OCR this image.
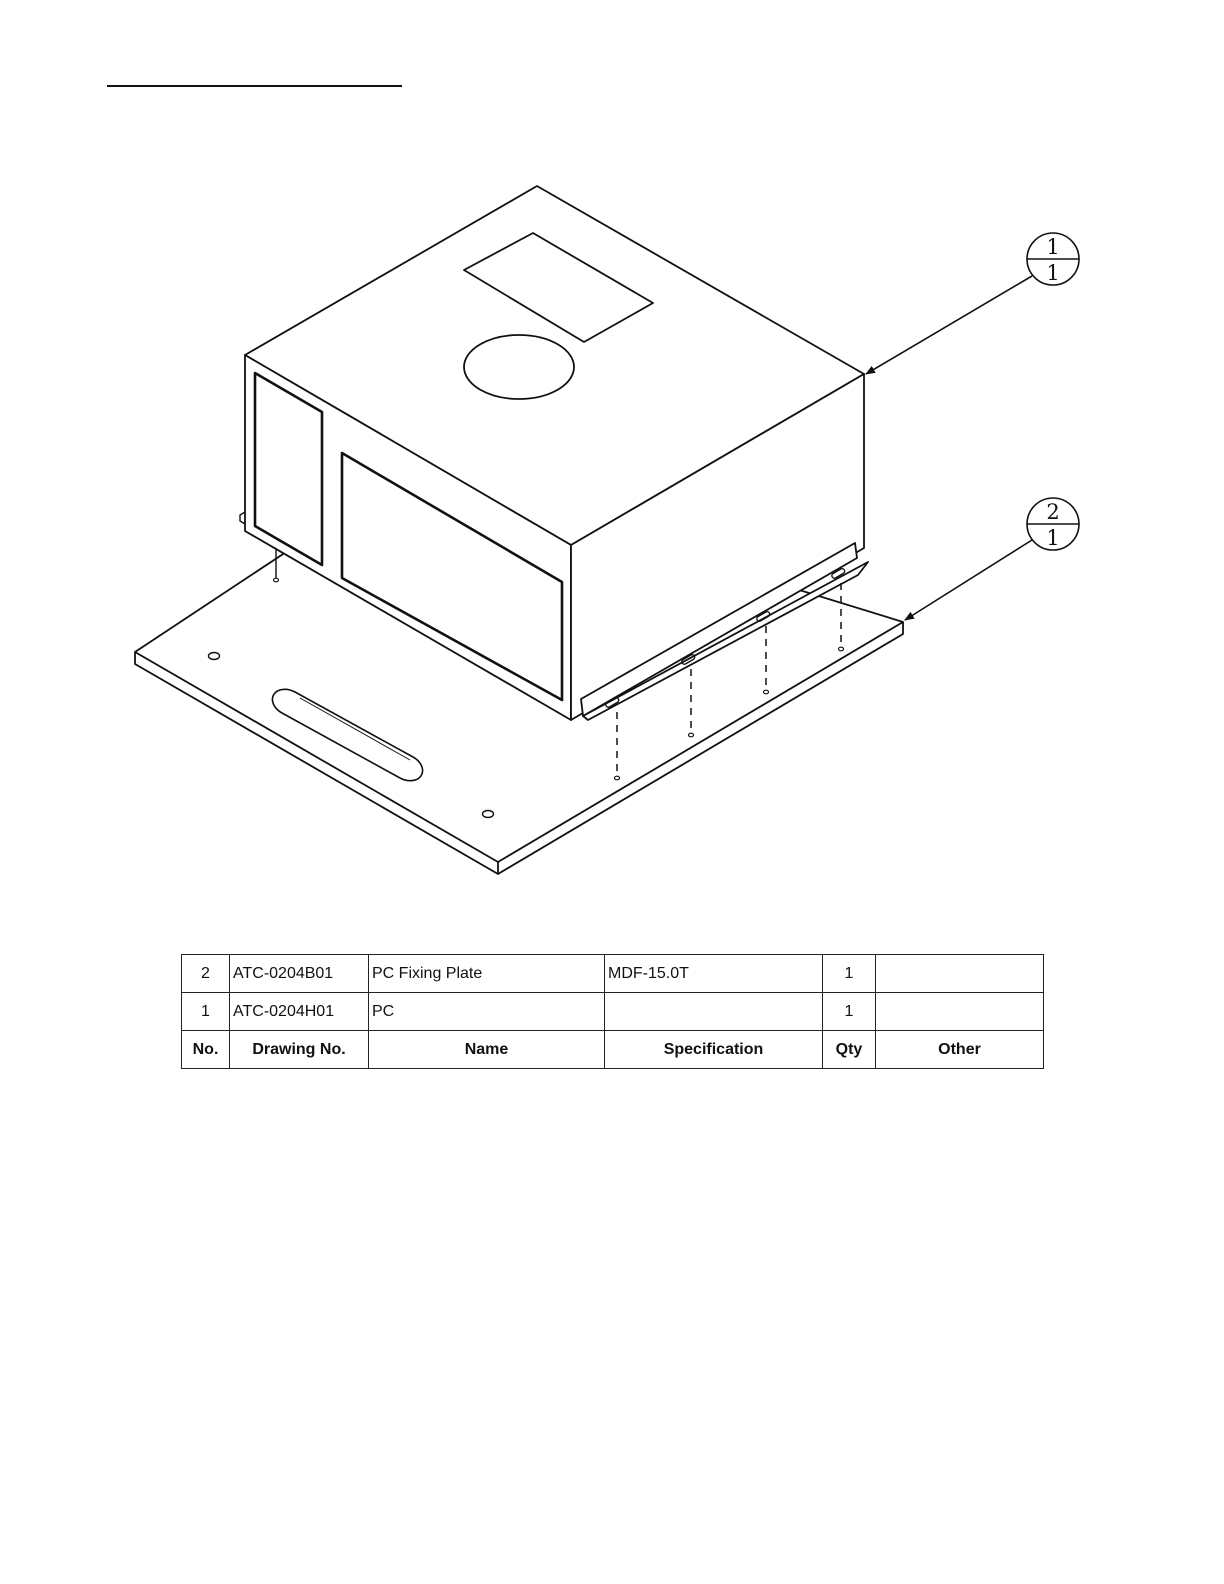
1
1
2
1
2	ATC-0204B01	PC Fixing Plate	MDF-15.0T	1	
1	ATC-0204H01	PC		1	
No.	Drawing No.	Name	Specification	Qty	Other
